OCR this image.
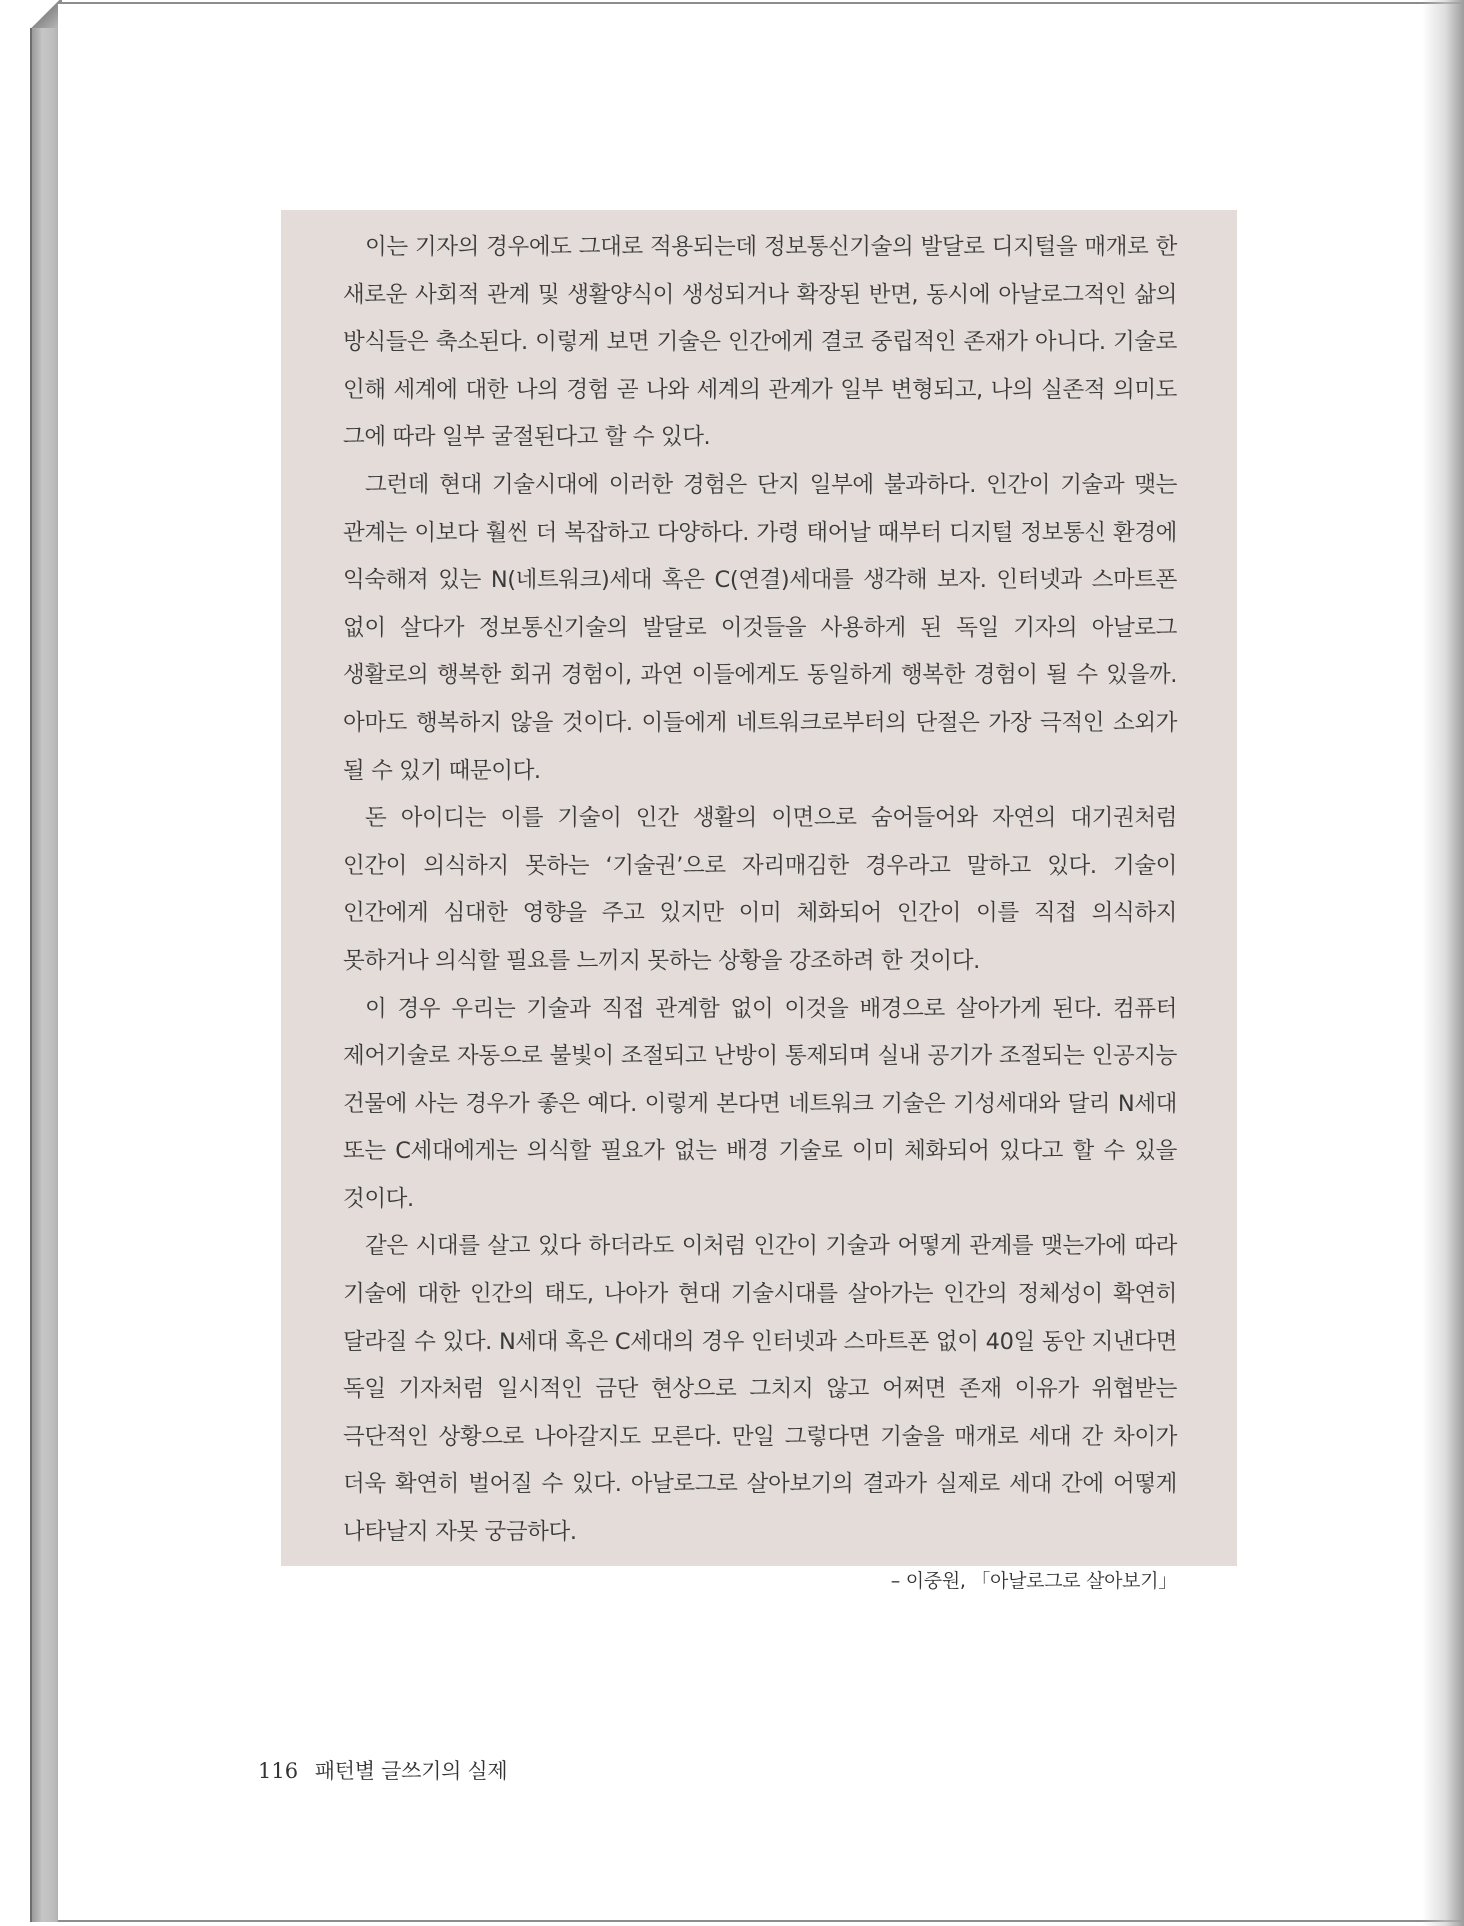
이는 기자의 경우에도 그대로 적용되는데 정보통신기술의 발달로 디지털을 매개로 한 새로운 사회적 관계 및 생활양식이 생성되거나 확장된 반면, 동시에 아날로그적인 삶의 방식들은 축소된다. 이렇게 보면 기술은 인간에게 결코 중립적인 존재가 아니다. 기술로 인해 세계에 대한 나의 경험 곧 나와 세계의 관계가 일부 변형되고, 나의 실존적 의미도 그에 따라 일부 굴절된다고 할 수 있다.

그런데 현대 기술시대에 이러한 경험은 단지 일부에 불과하다. 인간이 기술과 맺는 관계는 이보다 훨씬 더 복잡하고 다양하다. 가령 태어날 때부터 디지털 정보통신 환경에 익숙해져 있는 N(네트워크)세대 혹은 C(연결)세대를 생각해 보자. 인터넷과 스마트폰 없이 살다가 정보통신기술의 발달로 이것들을 사용하게 된 독일 기자의 아날로그 생활로의 행복한 회귀 경험이, 과연 이들에게도 동일하게 행복한 경험이 될 수 있을까. 아마도 행복하지 않을 것이다. 이들에게 네트워크로부터의 단절은 가장 극적인 소외가 될 수 있기 때문이다.

돈 아이디는 이를 기술이 인간 생활의 이면으로 숨어들어와 자연의 대기권처럼 인간이 의식하지 못하는 ‘기술권’으로 자리매김한 경우라고 말하고 있다. 기술이 인간에게 심대한 영향을 주고 있지만 이미 체화되어 인간이 이를 직접 의식하지 못하거나 의식할 필요를 느끼지 못하는 상황을 강조하려 한 것이다.

이 경우 우리는 기술과 직접 관계함 없이 이것을 배경으로 살아가게 된다. 컴퓨터 제어기술로 자동으로 불빛이 조절되고 난방이 통제되며 실내 공기가 조절되는 인공지능 건물에 사는 경우가 좋은 예다. 이렇게 본다면 네트워크 기술은 기성세대와 달리 N세대 또는 C세대에게는 의식할 필요가 없는 배경 기술로 이미 체화되어 있다고 할 수 있을 것이다.

같은 시대를 살고 있다 하더라도 이처럼 인간이 기술과 어떻게 관계를 맺는가에 따라 기술에 대한 인간의 태도, 나아가 현대 기술시대를 살아가는 인간의 정체성이 확연히 달라질 수 있다. N세대 혹은 C세대의 경우 인터넷과 스마트폰 없이 40일 동안 지낸다면 독일 기자처럼 일시적인 금단 현상으로 그치지 않고 어쩌면 존재 이유가 위협받는 극단적인 상황으로 나아갈지도 모른다. 만일 그렇다면 기술을 매개로 세대 간 차이가 더욱 확연히 벌어질 수 있다. 아날로그로 살아보기의 결과가 실제로 세대 간에 어떻게 나타날지 자못 궁금하다.

– 이중원, 「아날로그로 살아보기」

116 패턴별 글쓰기의 실제
